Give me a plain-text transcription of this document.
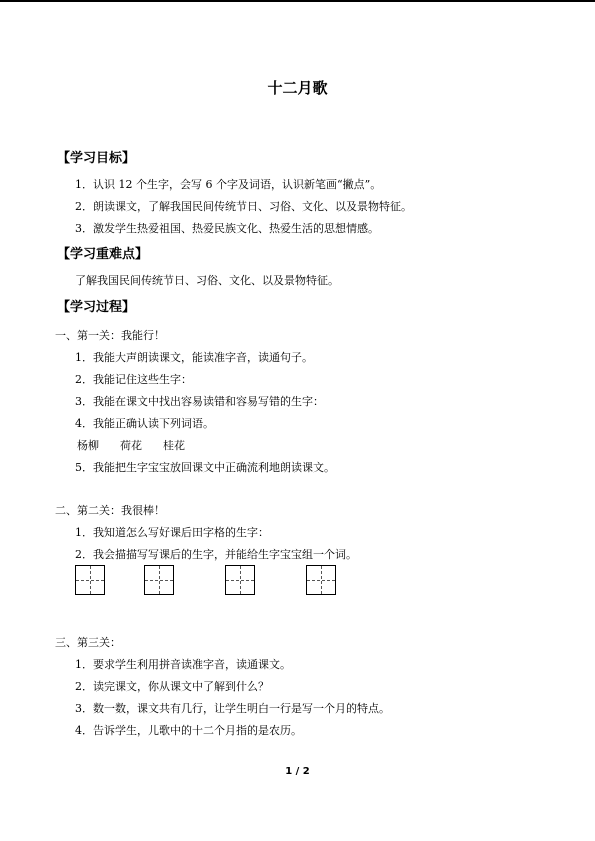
十二月歌
【学习目标】
1．认识 12 个生字，会写 6 个字及词语，认识新笔画“撇点”。
2．朗读课文，了解我国民间传统节日、习俗、文化、以及景物特征。
3．激发学生热爱祖国、热爱民族文化、热爱生活的思想情感。
【学习重难点】
了解我国民间传统节日、习俗、文化、以及景物特征。
【学习过程】
一、第一关：我能行！
1．我能大声朗读课文，能读准字音，读通句子。
2．我能记住这些生字：
3．我能在课文中找出容易读错和容易写错的生字：
4．我能正确认读下列词语。
杨柳 荷花 桂花
5．我能把生字宝宝放回课文中正确流利地朗读课文。
二、第二关：我很棒！
1．我知道怎么写好课后田字格的生字：
2．我会描描写写课后的生字，并能给生字宝宝组一个词。
三、第三关：
1．要求学生利用拼音读准字音，读通课文。
2．读完课文，你从课文中了解到什么？
3．数一数，课文共有几行，让学生明白一行是写一个月的特点。
4．告诉学生，儿歌中的十二个月指的是农历。
1 / 2
